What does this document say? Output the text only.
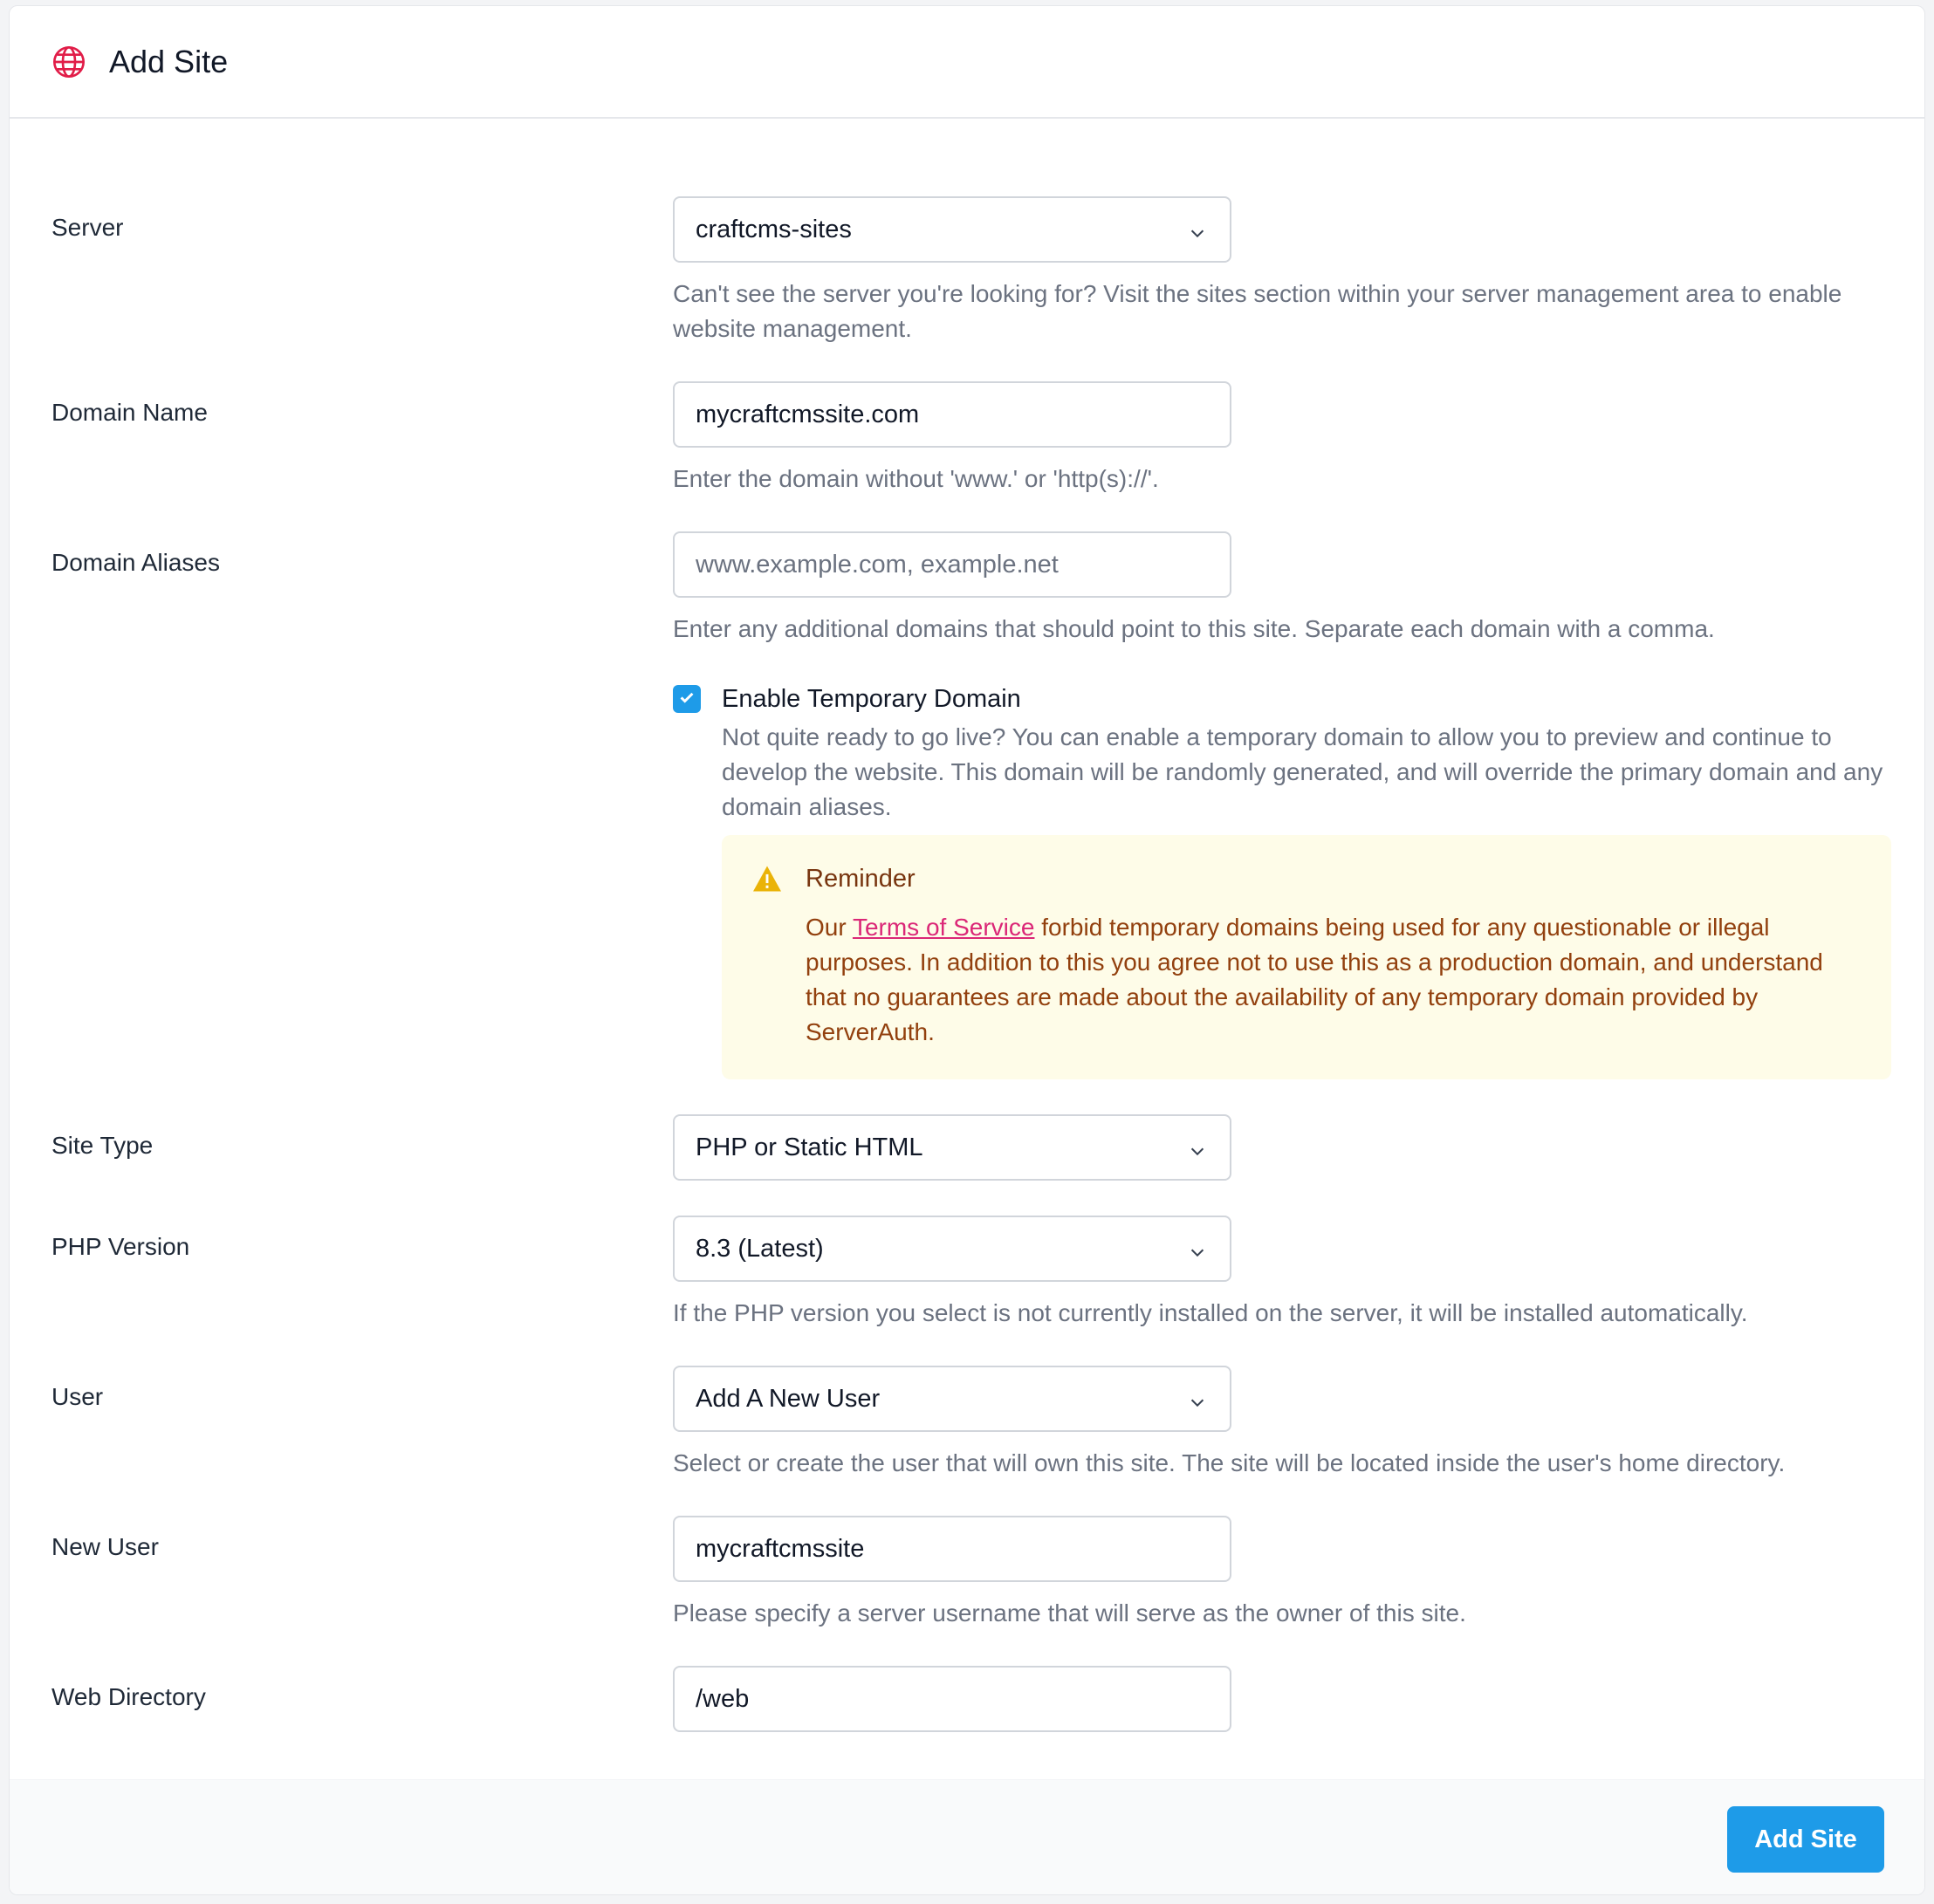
Add Site
Server	craftcms-sites
Can't see the server you're looking for? Visit the sites section within your server management area to enable website management.
Domain Name	mycraftcmssite.com
Enter the domain without 'www.' or 'http(s)://'.
Domain Aliases	www.example.com, example.net
Enter any additional domains that should point to this site. Separate each domain with a comma.
Enable Temporary Domain
Not quite ready to go live? You can enable a temporary domain to allow you to preview and continue to develop the website. This domain will be randomly generated, and will override the primary domain and any domain aliases.
Reminder
Our Terms of Service forbid temporary domains being used for any questionable or illegal purposes. In addition to this you agree not to use this as a production domain, and understand that no guarantees are made about the availability of any temporary domain provided by ServerAuth.
Site Type	PHP or Static HTML
PHP Version	8.3 (Latest)
If the PHP version you select is not currently installed on the server, it will be installed automatically.
User	Add A New User
Select or create the user that will own this site. The site will be located inside the user's home directory.
New User	mycraftcmssite
Please specify a server username that will serve as the owner of this site.
Web Directory	/web
Add Site
